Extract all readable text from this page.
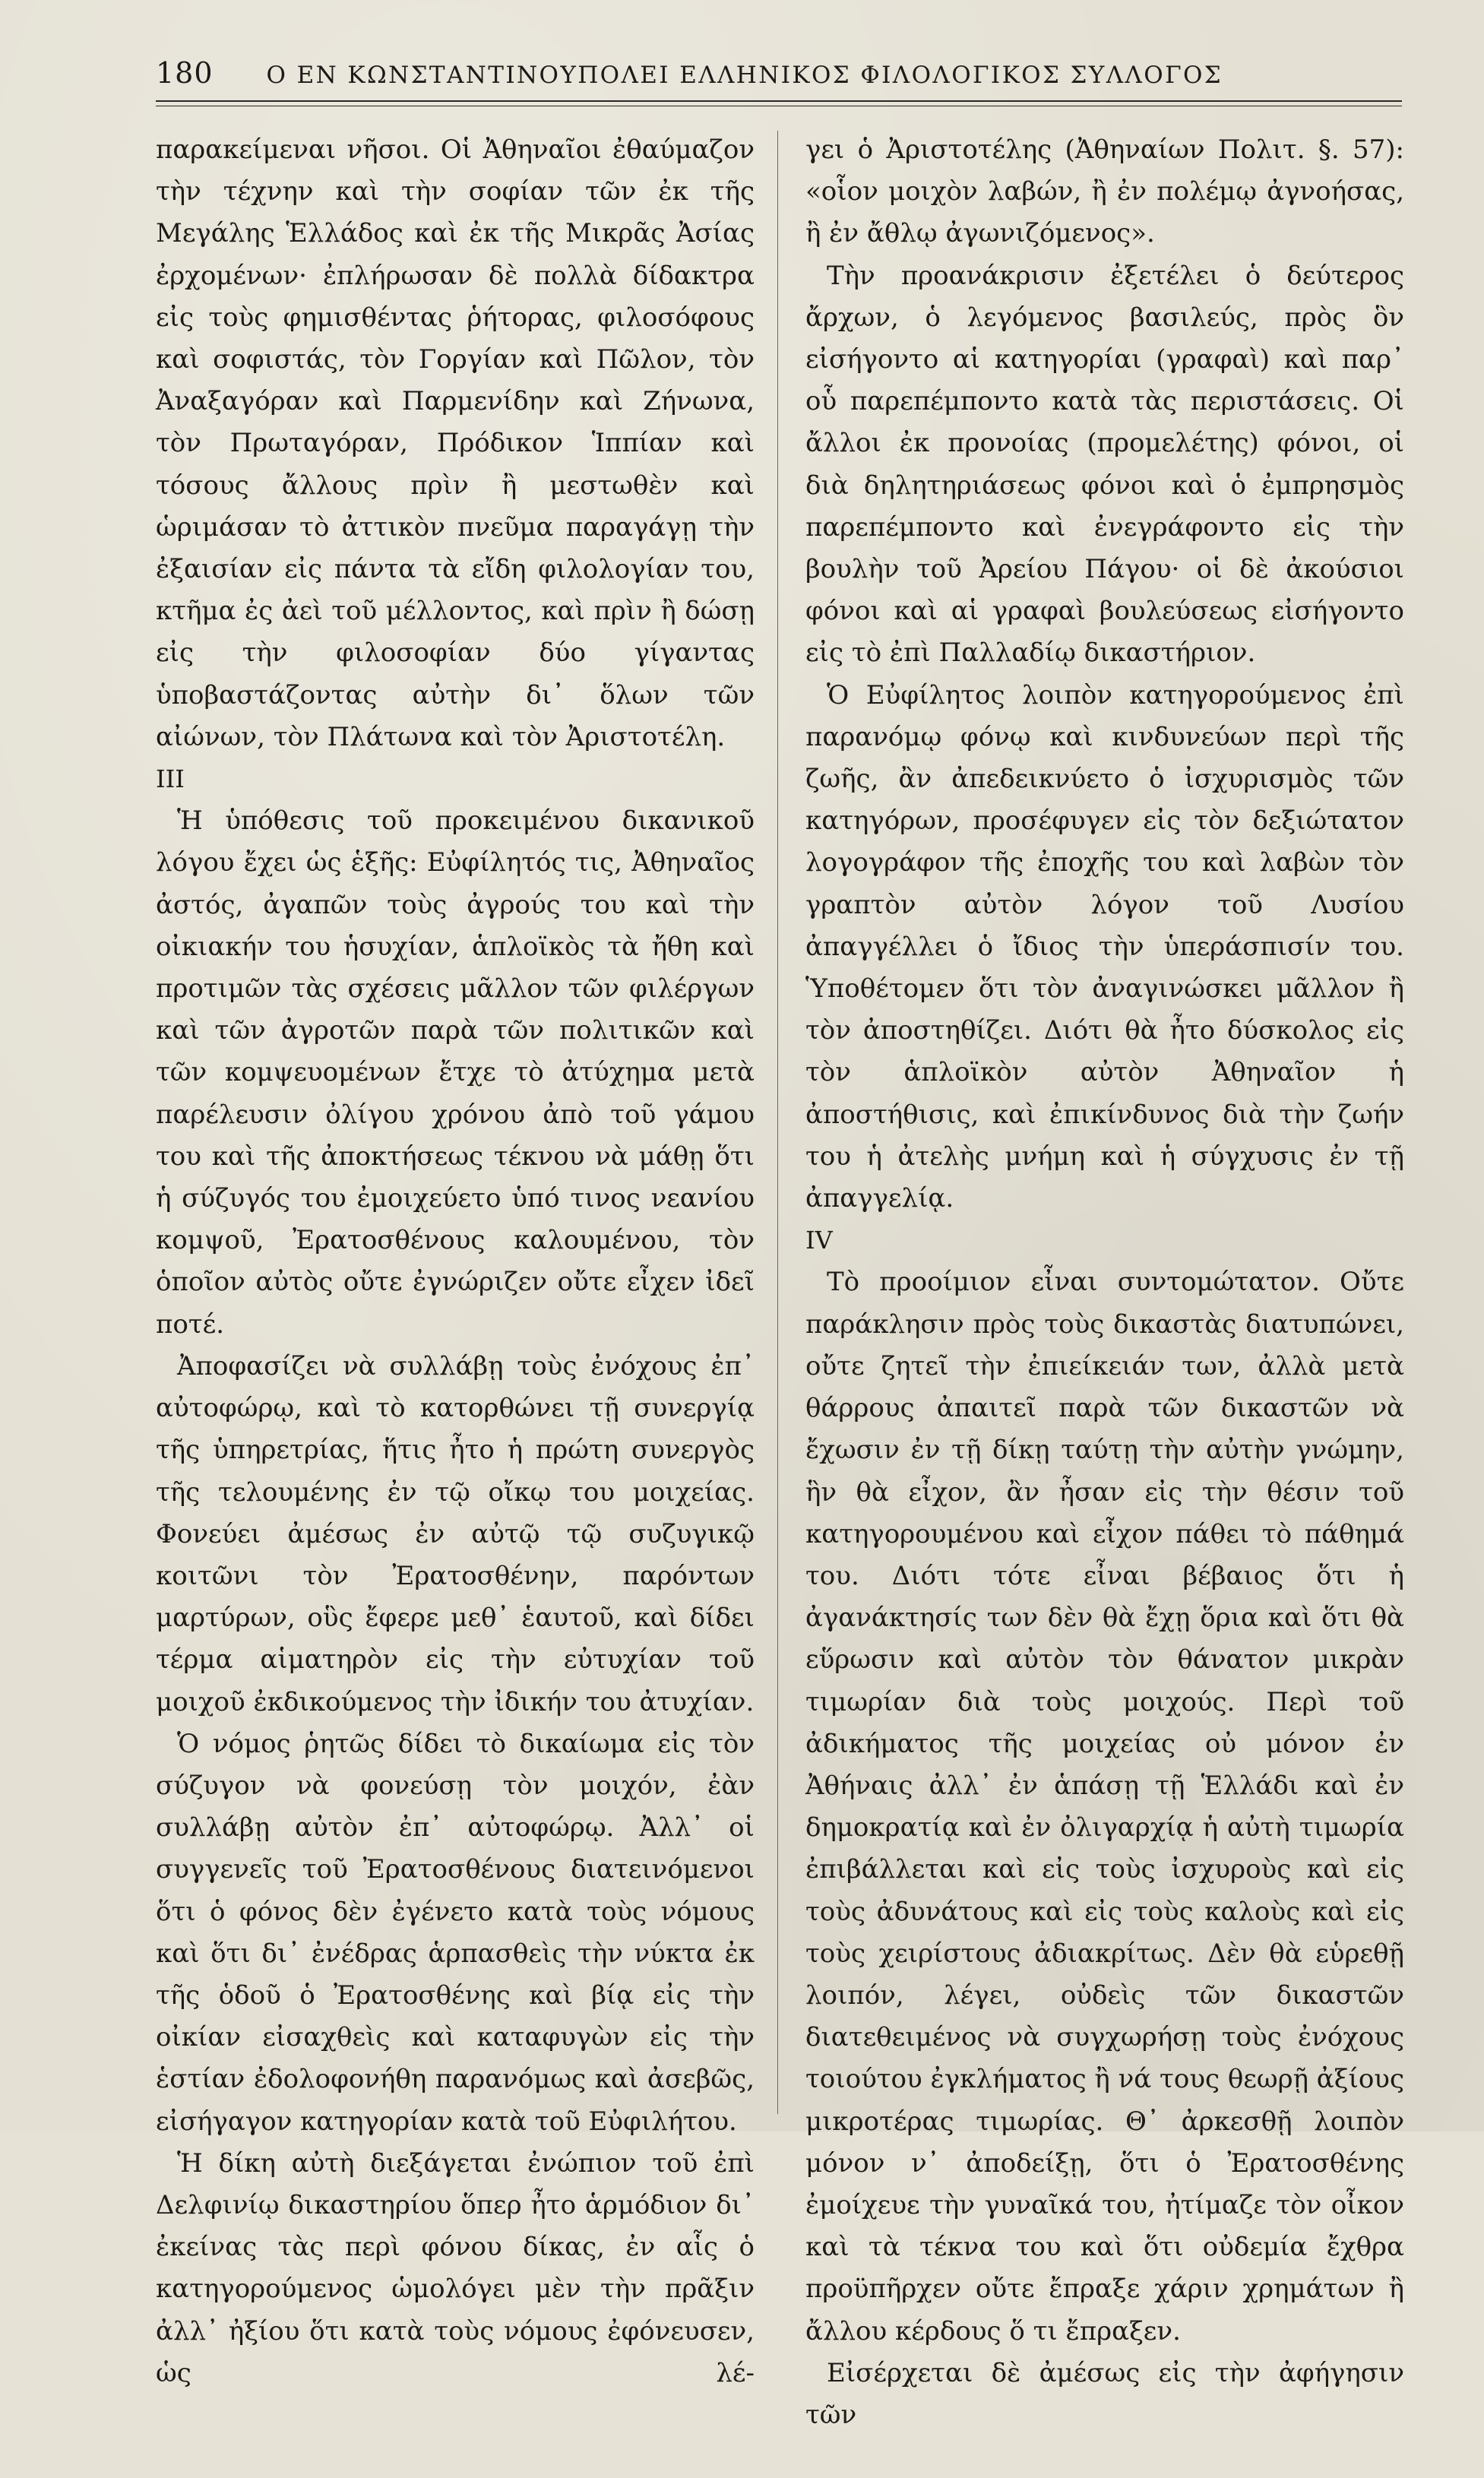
180 Ο ΕΝ ΚΩΝΣΤΑΝΤΙΝΟΥΠΟΛΕΙ ΕΛΛΗΝΙΚΟΣ ΦΙΛΟΛΟΓΙΚΟΣ ΣΥΛΛΟΓΟΣ

παρακείμεναι νῆσοι. Οἱ Ἀθηναῖοι ἐθαύμαζον τὴν τέχνην καὶ τὴν σοφίαν τῶν ἐκ τῆς Μεγάλης Ἑλλάδος καὶ ἐκ τῆς Μικρᾶς Ἀσίας ἐρχομένων· ἐπλήρωσαν δὲ πολλὰ δίδακτρα εἰς τοὺς φημισθέντας ῥήτορας, φιλοσόφους καὶ σοφιστάς, τὸν Γοργίαν καὶ Πῶλον, τὸν Ἀναξαγόραν καὶ Παρμενίδην καὶ Ζήνωνα, τὸν Πρωταγόραν, Πρόδικον Ἱππίαν καὶ τόσους ἄλλους πρὶν ἢ μεστωθὲν καὶ ὡριμάσαν τὸ ἀττικὸν πνεῦμα παραγάγῃ τὴν ἐξαισίαν εἰς πάντα τὰ εἴδη φιλολογίαν του, κτῆμα ἐς ἀεὶ τοῦ μέλλοντος, καὶ πρὶν ἢ δώσῃ εἰς τὴν φιλοσοφίαν δύο γίγαντας ὑποβαστάζοντας αὐτὴν δι᾽ ὅλων τῶν αἰώνων, τὸν Πλάτωνα καὶ τὸν Ἀριστοτέλη.

III

Ἡ ὑπόθεσις τοῦ προκειμένου δικανικοῦ λόγου ἔχει ὡς ἑξῆς: Εὐφίλητός τις, Ἀθηναῖος ἀστός, ἀγαπῶν τοὺς ἀγρούς του καὶ τὴν οἰκιακήν του ἡσυχίαν, ἁπλοϊκὸς τὰ ἤθη καὶ προτιμῶν τὰς σχέσεις μᾶλλον τῶν φιλέργων καὶ τῶν ἀγροτῶν παρὰ τῶν πολιτικῶν καὶ τῶν κομψευομένων ἔτχε τὸ ἀτύχημα μετὰ παρέλευσιν ὀλίγου χρόνου ἀπὸ τοῦ γάμου του καὶ τῆς ἀποκτήσεως τέκνου νὰ μάθῃ ὅτι ἡ σύζυγός του ἐμοιχεύετο ὑπό τινος νεανίου κομψοῦ, Ἐρατοσθένους καλουμένου, τὸν ὁποῖον αὐτὸς οὔτε ἐγνώριζεν οὔτε εἶχεν ἰδεῖ ποτέ.

Ἀποφασίζει νὰ συλλάβῃ τοὺς ἐνόχους ἐπ᾽ αὐτοφώρῳ, καὶ τὸ κατορθώνει τῇ συνεργίᾳ τῆς ὑπηρετρίας, ἥτις ἦτο ἡ πρώτη συνεργὸς τῆς τελουμένης ἐν τῷ οἴκῳ του μοιχείας. Φονεύει ἀμέσως ἐν αὐτῷ τῷ συζυγικῷ κοιτῶνι τὸν Ἐρατοσθένην, παρόντων μαρτύρων, οὓς ἔφερε μεθ᾽ ἑαυτοῦ, καὶ δίδει τέρμα αἱματηρὸν εἰς τὴν εὐτυχίαν τοῦ μοιχοῦ ἐκδικούμενος τὴν ἰδικήν του ἀτυχίαν.

Ὁ νόμος ῥητῶς δίδει τὸ δικαίωμα εἰς τὸν σύζυγον νὰ φονεύσῃ τὸν μοιχόν, ἐὰν συλλάβῃ αὐτὸν ἐπ᾽ αὐτοφώρῳ. Ἀλλ᾽ οἱ συγγενεῖς τοῦ Ἐρατοσθένους διατεινόμενοι ὅτι ὁ φόνος δὲν ἐγένετο κατὰ τοὺς νόμους καὶ ὅτι δι᾽ ἐνέδρας ἁρπασθεὶς τὴν νύκτα ἐκ τῆς ὁδοῦ ὁ Ἐρατοσθένης καὶ βίᾳ εἰς τὴν οἰκίαν εἰσαχθεὶς καὶ καταφυγὼν εἰς τὴν ἑστίαν ἐδολοφονήθη παρανόμως καὶ ἀσεβῶς, εἰσήγαγον κατηγορίαν κατὰ τοῦ Εὐφιλήτου.

Ἡ δίκη αὐτὴ διεξάγεται ἐνώπιον τοῦ ἐπὶ Δελφινίῳ δικαστηρίου ὅπερ ἦτο ἁρμόδιον δι᾽ ἐκείνας τὰς περὶ φόνου δίκας, ἐν αἷς ὁ κατηγορούμενος ὡμολόγει μὲν τὴν πρᾶξιν ἀλλ᾽ ἠξίου ὅτι κατὰ τοὺς νόμους ἐφόνευσεν, ὡς λέ-

γει ὁ Ἀριστοτέλης (Ἀθηναίων Πολιτ. §. 57): «οἷον μοιχὸν λαβών, ἢ ἐν πολέμῳ ἀγνοήσας, ἢ ἐν ἄθλῳ ἀγωνιζόμενος».

Τὴν προανάκρισιν ἐξετέλει ὁ δεύτερος ἄρχων, ὁ λεγόμενος βασιλεύς, πρὸς ὃν εἰσήγοντο αἱ κατηγορίαι (γραφαὶ) καὶ παρ᾽ οὗ παρεπέμποντο κατὰ τὰς περιστάσεις. Οἱ ἄλλοι ἐκ προνοίας (προμελέτης) φόνοι, οἱ διὰ δηλητηριάσεως φόνοι καὶ ὁ ἐμπρησμὸς παρεπέμποντο καὶ ἐνεγράφοντο εἰς τὴν βουλὴν τοῦ Ἀρείου Πάγου· οἱ δὲ ἀκούσιοι φόνοι καὶ αἱ γραφαὶ βουλεύσεως εἰσήγοντο εἰς τὸ ἐπὶ Παλλαδίῳ δικαστήριον.

Ὁ Εὐφίλητος λοιπὸν κατηγορούμενος ἐπὶ παρανόμῳ φόνῳ καὶ κινδυνεύων περὶ τῆς ζωῆς, ἂν ἀπεδεικνύετο ὁ ἰσχυρισμὸς τῶν κατηγόρων, προσέφυγεν εἰς τὸν δεξιώτατον λογογράφον τῆς ἐποχῆς του καὶ λαβὼν τὸν γραπτὸν αὐτὸν λόγον τοῦ Λυσίου ἀπαγγέλλει ὁ ἴδιος τὴν ὑπεράσπισίν του. Ὑποθέτομεν ὅτι τὸν ἀναγινώσκει μᾶλλον ἢ τὸν ἀποστηθίζει. Διότι θὰ ἦτο δύσκολος εἰς τὸν ἁπλοϊκὸν αὐτὸν Ἀθηναῖον ἡ ἀποστήθισις, καὶ ἐπικίνδυνος διὰ τὴν ζωήν του ἡ ἀτελὴς μνήμη καὶ ἡ σύγχυσις ἐν τῇ ἀπαγγελίᾳ.

IV

Τὸ προοίμιον εἶναι συντομώτατον. Οὔτε παράκλησιν πρὸς τοὺς δικαστὰς διατυπώνει, οὔτε ζητεῖ τὴν ἐπιείκειάν των, ἀλλὰ μετὰ θάρρους ἀπαιτεῖ παρὰ τῶν δικαστῶν νὰ ἔχωσιν ἐν τῇ δίκῃ ταύτῃ τὴν αὐτὴν γνώμην, ἣν θὰ εἶχον, ἂν ἦσαν εἰς τὴν θέσιν τοῦ κατηγορουμένου καὶ εἶχον πάθει τὸ πάθημά του. Διότι τότε εἶναι βέβαιος ὅτι ἡ ἀγανάκτησίς των δὲν θὰ ἔχῃ ὅρια καὶ ὅτι θὰ εὕρωσιν καὶ αὐτὸν τὸν θάνατον μικρὰν τιμωρίαν διὰ τοὺς μοιχούς. Περὶ τοῦ ἀδικήματος τῆς μοιχείας οὐ μόνον ἐν Ἀθήναις ἀλλ᾽ ἐν ἁπάσῃ τῇ Ἑλλάδι καὶ ἐν δημοκρατίᾳ καὶ ἐν ὀλιγαρχίᾳ ἡ αὐτὴ τιμωρία ἐπιβάλλεται καὶ εἰς τοὺς ἰσχυροὺς καὶ εἰς τοὺς ἀδυνάτους καὶ εἰς τοὺς καλοὺς καὶ εἰς τοὺς χειρίστους ἀδιακρίτως. Δὲν θὰ εὑρεθῇ λοιπόν, λέγει, οὐδεὶς τῶν δικαστῶν διατεθειμένος νὰ συγχωρήσῃ τοὺς ἐνόχους τοιούτου ἐγκλήματος ἢ νά τους θεωρῇ ἀξίους μικροτέρας τιμωρίας. Θ᾽ ἀρκεσθῇ λοιπὸν μόνον ν᾽ ἀποδείξῃ, ὅτι ὁ Ἐρατοσθένης ἐμοίχευε τὴν γυναῖκά του, ἠτίμαζε τὸν οἶκον καὶ τὰ τέκνα του καὶ ὅτι οὐδεμία ἔχθρα προϋπῆρχεν οὔτε ἔπραξε χάριν χρημάτων ἢ ἄλλου κέρδους ὅ τι ἔπραξεν.

Εἰσέρχεται δὲ ἀμέσως εἰς τὴν ἀφήγησιν τῶν
